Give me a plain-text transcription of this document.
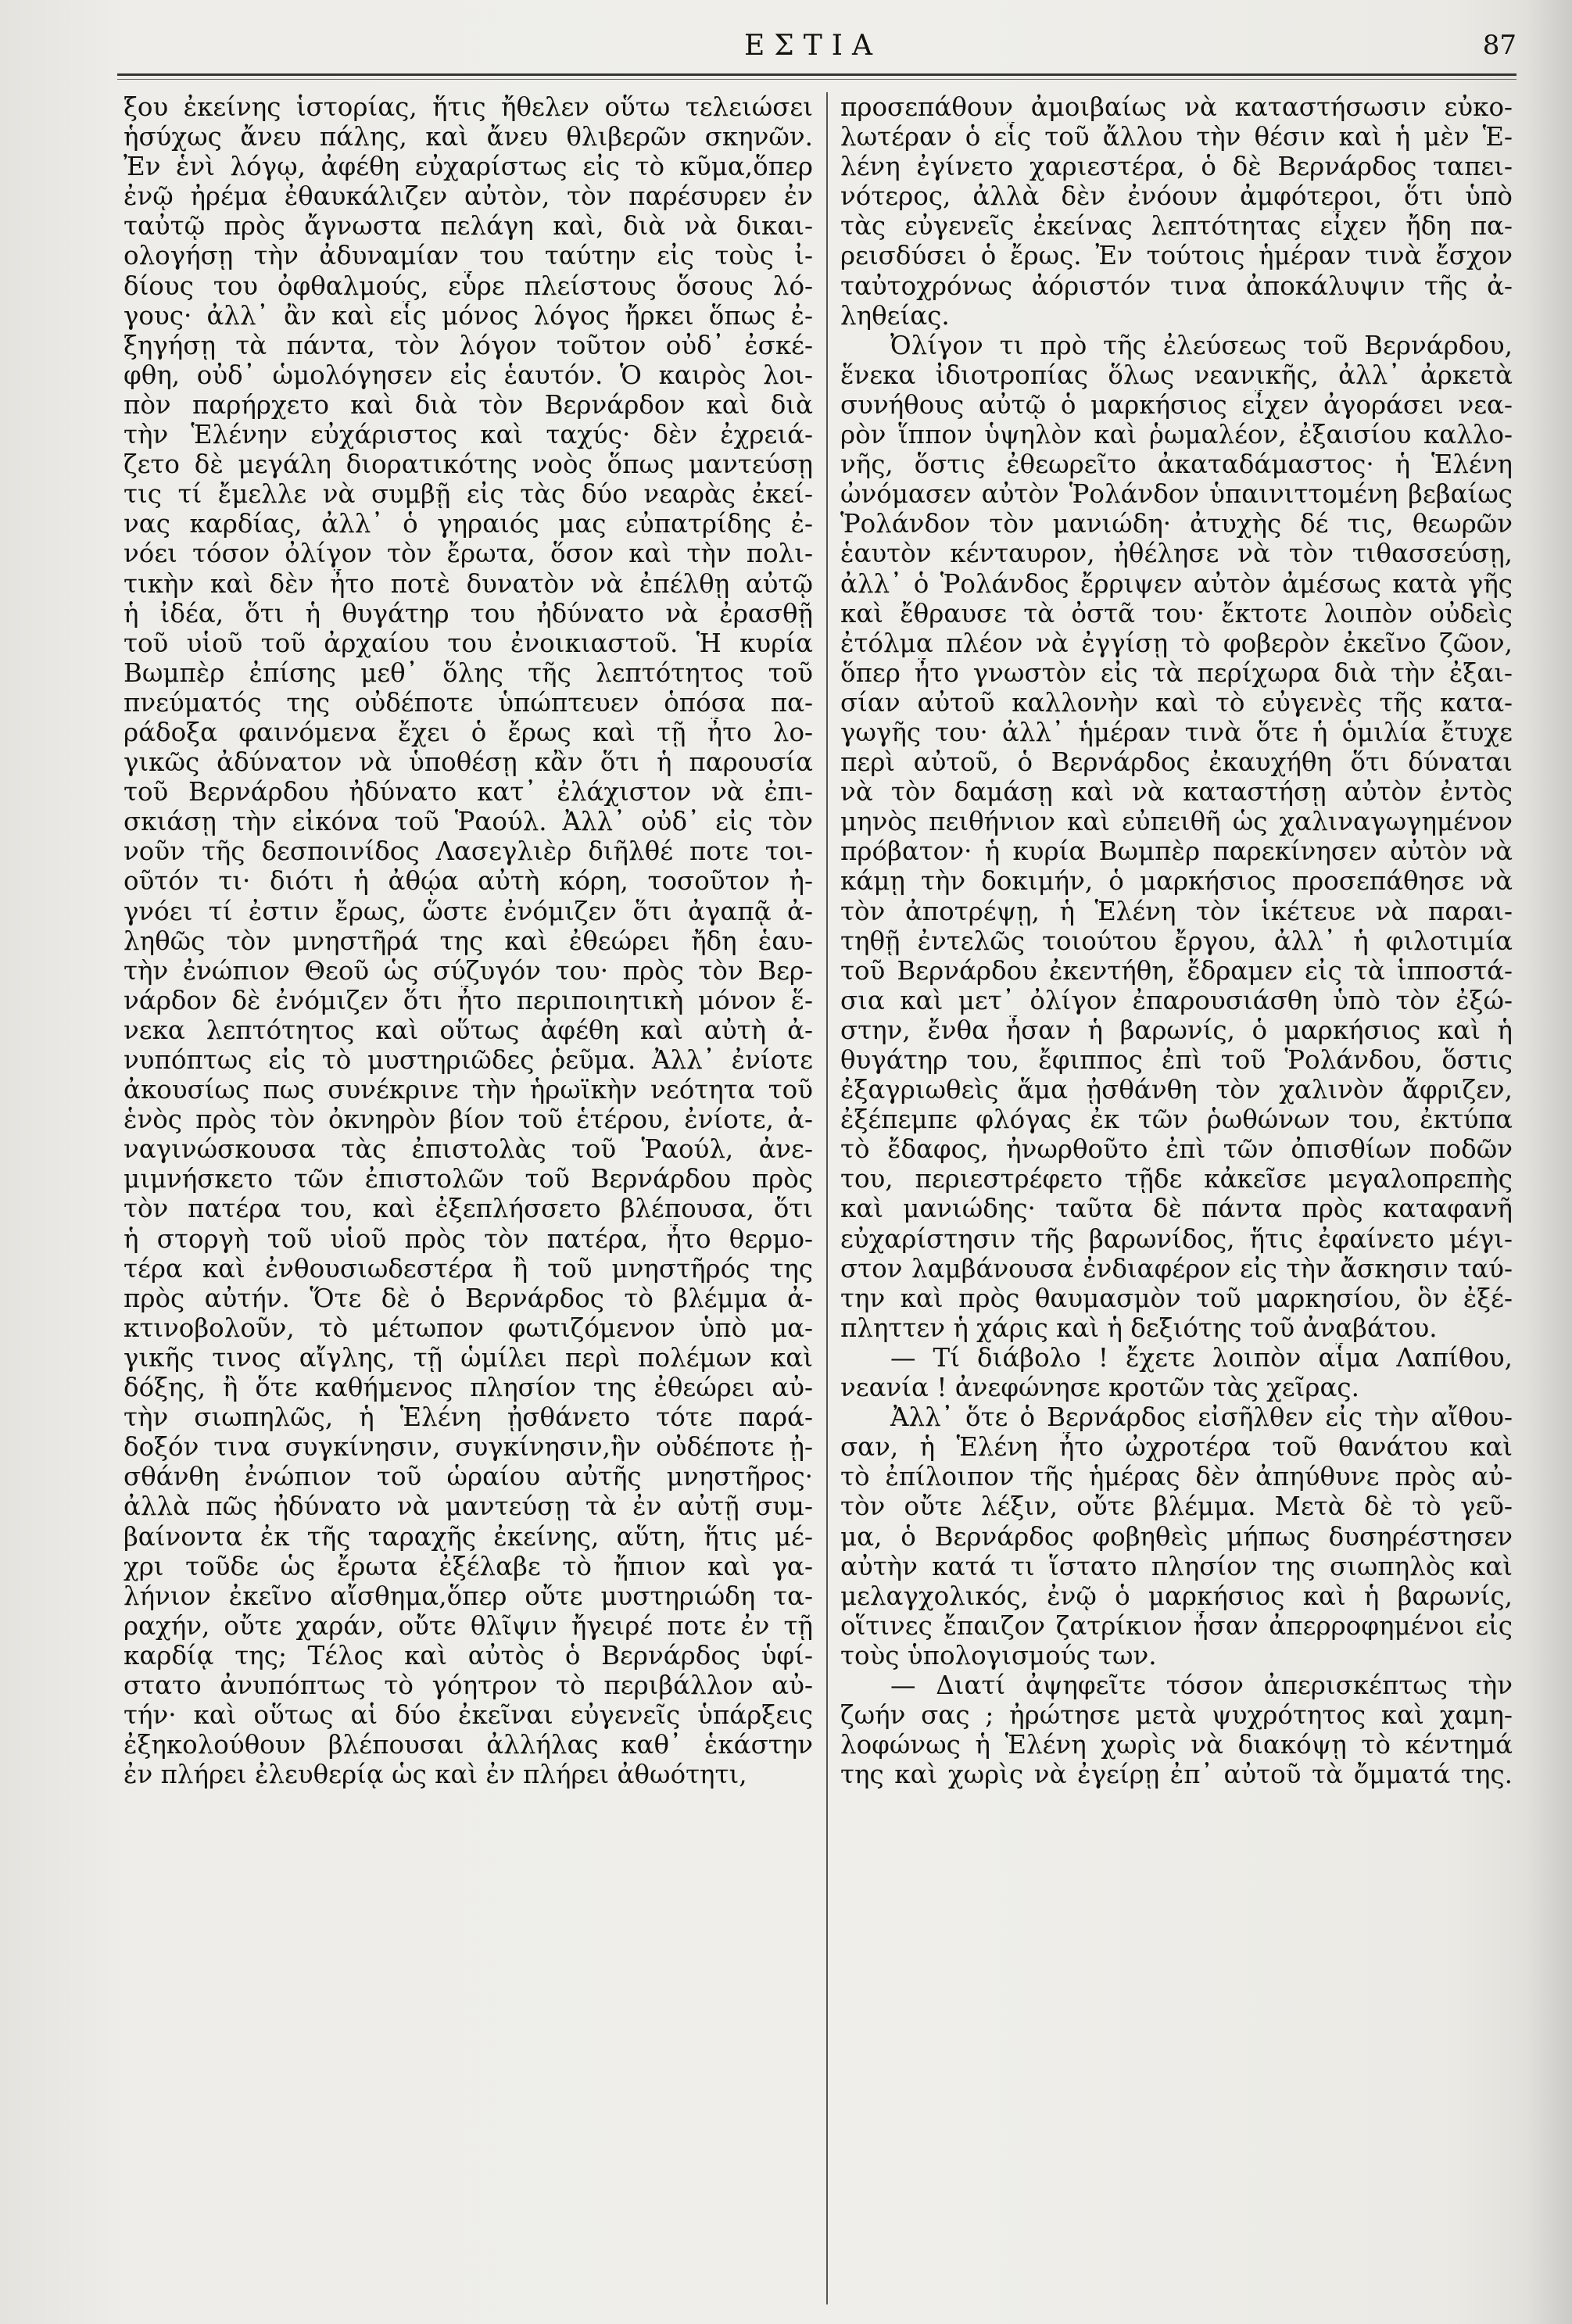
ΕΣΤΙΑ	87
ξου ἐκείνης ἱστορίας, ἥτις ἤθελεν οὕτω τελειώσει
ἡσύχως ἄνευ πάλης, καὶ ἄνευ θλιβερῶν σκηνῶν.
Ἐν ἑνὶ λόγῳ, ἀφέθη εὐχαρίστως εἰς τὸ κῦμα,ὅπερ
ἐνῷ ἠρέμα ἐθαυκάλιζεν αὐτὸν, τὸν παρέσυρεν ἐν
ταὐτῷ πρὸς ἄγνωστα πελάγη καὶ, διὰ νὰ δικαι-
ολογήσῃ τὴν ἀδυναμίαν του ταύτην εἰς τοὺς ἰ-
δίους του ὀφθαλμούς, εὗρε πλείστους ὅσους λό-
γους· ἀλλ᾽ ἂν καὶ εἷς μόνος λόγος ἤρκει ὅπως ἐ-
ξηγήσῃ τὰ πάντα, τὸν λόγον τοῦτον οὐδ᾽ ἐσκέ-
φθη, οὐδ᾽ ὡμολόγησεν εἰς ἑαυτόν. Ὁ καιρὸς λοι-
πὸν παρήρχετο καὶ διὰ τὸν Βερνάρδον καὶ διὰ
τὴν Ἑλένην εὐχάριστος καὶ ταχύς· δὲν ἐχρειά-
ζετο δὲ μεγάλη διορατικότης νοὸς ὅπως μαντεύσῃ
τις τί ἔμελλε νὰ συμβῇ εἰς τὰς δύο νεαρὰς ἐκεί-
νας καρδίας, ἀλλ᾽ ὁ γηραιός μας εὐπατρίδης ἐ-
νόει τόσον ὀλίγον τὸν ἔρωτα, ὅσον καὶ τὴν πολι-
τικὴν καὶ δὲν ἦτο ποτὲ δυνατὸν νὰ ἐπέλθῃ αὐτῷ
ἡ ἰδέα, ὅτι ἡ θυγάτηρ του ἠδύνατο νὰ ἐρασθῇ
τοῦ υἱοῦ τοῦ ἀρχαίου του ἐνοικιαστοῦ. Ἡ κυρία
Βωμπὲρ ἐπίσης μεθ᾽ ὅλης τῆς λεπτότητος τοῦ
πνεύματός της οὐδέποτε ὑπώπτευεν ὁπόσα πα-
ράδοξα φαινόμενα ἔχει ὁ ἔρως καὶ τῇ ἦτο λο-
γικῶς ἀδύνατον νὰ ὑποθέσῃ κἂν ὅτι ἡ παρουσία
τοῦ Βερνάρδου ἠδύνατο κατ᾽ ἐλάχιστον νὰ ἐπι-
σκιάσῃ τὴν εἰκόνα τοῦ Ῥαούλ. Ἀλλ᾽ οὐδ᾽ εἰς τὸν
νοῦν τῆς δεσποινίδος Λασεγλιὲρ διῆλθέ ποτε τοι-
οῦτόν τι· διότι ἡ ἀθῴα αὐτὴ κόρη, τοσοῦτον ἠ-
γνόει τί ἐστιν ἔρως, ὥστε ἐνόμιζεν ὅτι ἀγαπᾷ ἀ-
ληθῶς τὸν μνηστῆρά της καὶ ἐθεώρει ἤδη ἑαυ-
τὴν ἐνώπιον Θεοῦ ὡς σύζυγόν του· πρὸς τὸν Βερ-
νάρδον δὲ ἐνόμιζεν ὅτι ἦτο περιποιητικὴ μόνον ἕ-
νεκα λεπτότητος καὶ οὕτως ἀφέθη καὶ αὐτὴ ἀ-
νυπόπτως εἰς τὸ μυστηριῶδες ῥεῦμα. Ἀλλ᾽ ἐνίοτε
ἀκουσίως πως συνέκρινε τὴν ἡρωϊκὴν νεότητα τοῦ
ἑνὸς πρὸς τὸν ὀκνηρὸν βίον τοῦ ἑτέρου, ἐνίοτε, ἀ-
ναγινώσκουσα τὰς ἐπιστολὰς τοῦ Ῥαούλ, ἀνε-
μιμνήσκετο τῶν ἐπιστολῶν τοῦ Βερνάρδου πρὸς
τὸν πατέρα του, καὶ ἐξεπλήσσετο βλέπουσα, ὅτι
ἡ στοργὴ τοῦ υἱοῦ πρὸς τὸν πατέρα, ἦτο θερμο-
τέρα καὶ ἐνθουσιωδεστέρα ἢ τοῦ μνηστῆρός της
πρὸς αὐτήν. Ὅτε δὲ ὁ Βερνάρδος τὸ βλέμμα ἀ-
κτινοβολοῦν, τὸ μέτωπον φωτιζόμενον ὑπὸ μα-
γικῆς τινος αἴγλης, τῇ ὡμίλει περὶ πολέμων καὶ
δόξης, ἢ ὅτε καθήμενος πλησίον της ἐθεώρει αὐ-
τὴν σιωπηλῶς, ἡ Ἑλένη ᾐσθάνετο τότε παρά-
δοξόν τινα συγκίνησιν, συγκίνησιν,ἣν οὐδέποτε ᾐ-
σθάνθη ἐνώπιον τοῦ ὡραίου αὐτῆς μνηστῆρος·
ἀλλὰ πῶς ἠδύνατο νὰ μαντεύσῃ τὰ ἐν αὐτῇ συμ-
βαίνοντα ἐκ τῆς ταραχῆς ἐκείνης, αὕτη, ἥτις μέ-
χρι τοῦδε ὡς ἔρωτα ἐξέλαβε τὸ ἤπιον καὶ γα-
λήνιον ἐκεῖνο αἴσθημα,ὅπερ οὔτε μυστηριώδη τα-
ραχήν, οὔτε χαράν, οὔτε θλῖψιν ἤγειρέ ποτε ἐν τῇ
καρδίᾳ της; Τέλος καὶ αὐτὸς ὁ Βερνάρδος ὑφί-
στατο ἀνυπόπτως τὸ γόητρον τὸ περιβάλλον αὐ-
τήν· καὶ οὕτως αἱ δύο ἐκεῖναι εὐγενεῖς ὑπάρξεις
ἐξηκολούθουν βλέπουσαι ἀλλήλας καθ᾽ ἑκάστην
ἐν πλήρει ἐλευθερίᾳ ὡς καὶ ἐν πλήρει ἀθωότητι,
προσεπάθουν ἀμοιβαίως νὰ καταστήσωσιν εὐκο-
λωτέραν ὁ εἷς τοῦ ἄλλου τὴν θέσιν καὶ ἡ μὲν Ἑ-
λένη ἐγίνετο χαριεστέρα, ὁ δὲ Βερνάρδος ταπει-
νότερος, ἀλλὰ δὲν ἐνόουν ἀμφότεροι, ὅτι ὑπὸ
τὰς εὐγενεῖς ἐκείνας λεπτότητας εἶχεν ἤδη πα-
ρεισδύσει ὁ ἔρως. Ἐν τούτοις ἡμέραν τινὰ ἔσχον
ταὐτοχρόνως ἀόριστόν τινα ἀποκάλυψιν τῆς ἀ-
ληθείας.
Ὀλίγον τι πρὸ τῆς ἐλεύσεως τοῦ Βερνάρδου,
ἕνεκα ἰδιοτροπίας ὅλως νεανικῆς, ἀλλ᾽ ἀρκετὰ
συνήθους αὐτῷ ὁ μαρκήσιος εἶχεν ἀγοράσει νεα-
ρὸν ἵππον ὑψηλὸν καὶ ῥωμαλέον, ἐξαισίου καλλο-
νῆς, ὅστις ἐθεωρεῖτο ἀκαταδάμαστος· ἡ Ἑλένη
ὠνόμασεν αὐτὸν Ῥολάνδον ὑπαινιττομένη βεβαίως
Ῥολάνδον τὸν μανιώδη· ἀτυχὴς δέ τις, θεωρῶν
ἑαυτὸν κένταυρον, ἠθέλησε νὰ τὸν τιθασσεύσῃ,
ἀλλ᾽ ὁ Ῥολάνδος ἔρριψεν αὐτὸν ἀμέσως κατὰ γῆς
καὶ ἔθραυσε τὰ ὀστᾶ του· ἔκτοτε λοιπὸν οὐδεὶς
ἐτόλμα πλέον νὰ ἐγγίσῃ τὸ φοβερὸν ἐκεῖνο ζῶον,
ὅπερ ἦτο γνωστὸν εἰς τὰ περίχωρα διὰ τὴν ἐξαι-
σίαν αὐτοῦ καλλονὴν καὶ τὸ εὐγενὲς τῆς κατα-
γωγῆς του· ἀλλ᾽ ἡμέραν τινὰ ὅτε ἡ ὁμιλία ἔτυχε
περὶ αὐτοῦ, ὁ Βερνάρδος ἐκαυχήθη ὅτι δύναται
νὰ τὸν δαμάσῃ καὶ νὰ καταστήσῃ αὐτὸν ἐντὸς
μηνὸς πειθήνιον καὶ εὐπειθῆ ὡς χαλιναγωγημένον
πρόβατον· ἡ κυρία Βωμπὲρ παρεκίνησεν αὐτὸν νὰ
κάμῃ τὴν δοκιμήν, ὁ μαρκήσιος προσεπάθησε νὰ
τὸν ἀποτρέψῃ, ἡ Ἑλένη τὸν ἱκέτευε νὰ παραι-
τηθῇ ἐντελῶς τοιούτου ἔργου, ἀλλ᾽ ἡ φιλοτιμία
τοῦ Βερνάρδου ἐκεντήθη, ἔδραμεν εἰς τὰ ἱπποστά-
σια καὶ μετ᾽ ὀλίγον ἐπαρουσιάσθη ὑπὸ τὸν ἐξώ-
στην, ἔνθα ἦσαν ἡ βαρωνίς, ὁ μαρκήσιος καὶ ἡ
θυγάτηρ του, ἔφιππος ἐπὶ τοῦ Ῥολάνδου, ὅστις
ἐξαγριωθεὶς ἅμα ᾐσθάνθη τὸν χαλινὸν ἄφριζεν,
ἐξέπεμπε φλόγας ἐκ τῶν ῥωθώνων του, ἐκτύπα
τὸ ἔδαφος, ἠνωρθοῦτο ἐπὶ τῶν ὀπισθίων ποδῶν
του, περιεστρέφετο τῇδε κἀκεῖσε μεγαλοπρεπὴς
καὶ μανιώδης· ταῦτα δὲ πάντα πρὸς καταφανῆ
εὐχαρίστησιν τῆς βαρωνίδος, ἥτις ἐφαίνετο μέγι-
στον λαμβάνουσα ἐνδιαφέρον εἰς τὴν ἄσκησιν ταύ-
την καὶ πρὸς θαυμασμὸν τοῦ μαρκησίου, ὃν ἐξέ-
πληττεν ἡ χάρις καὶ ἡ δεξιότης τοῦ ἀναβάτου.
— Τί διάβολο ! ἔχετε λοιπὸν αἷμα Λαπίθου,
νεανία ! ἀνεφώνησε κροτῶν τὰς χεῖρας.
Ἀλλ᾽ ὅτε ὁ Βερνάρδος εἰσῆλθεν εἰς τὴν αἴθου-
σαν, ἡ Ἑλένη ἦτο ὠχροτέρα τοῦ θανάτου καὶ
τὸ ἐπίλοιπον τῆς ἡμέρας δὲν ἀπηύθυνε πρὸς αὐ-
τὸν οὔτε λέξιν, οὔτε βλέμμα. Μετὰ δὲ τὸ γεῦ-
μα, ὁ Βερνάρδος φοβηθεὶς μήπως δυσηρέστησεν
αὐτὴν κατά τι ἵστατο πλησίον της σιωπηλὸς καὶ
μελαγχολικός, ἐνῷ ὁ μαρκήσιος καὶ ἡ βαρωνίς,
οἵτινες ἔπαιζον ζατρίκιον ἦσαν ἀπερροφημένοι εἰς
τοὺς ὑπολογισμούς των.
— Διατί ἀψηφεῖτε τόσον ἀπερισκέπτως τὴν
ζωήν σας ; ἠρώτησε μετὰ ψυχρότητος καὶ χαμη-
λοφώνως ἡ Ἑλένη χωρὶς νὰ διακόψῃ τὸ κέντημά
της καὶ χωρὶς νὰ ἐγείρῃ ἐπ᾽ αὐτοῦ τὰ ὄμματά της.
